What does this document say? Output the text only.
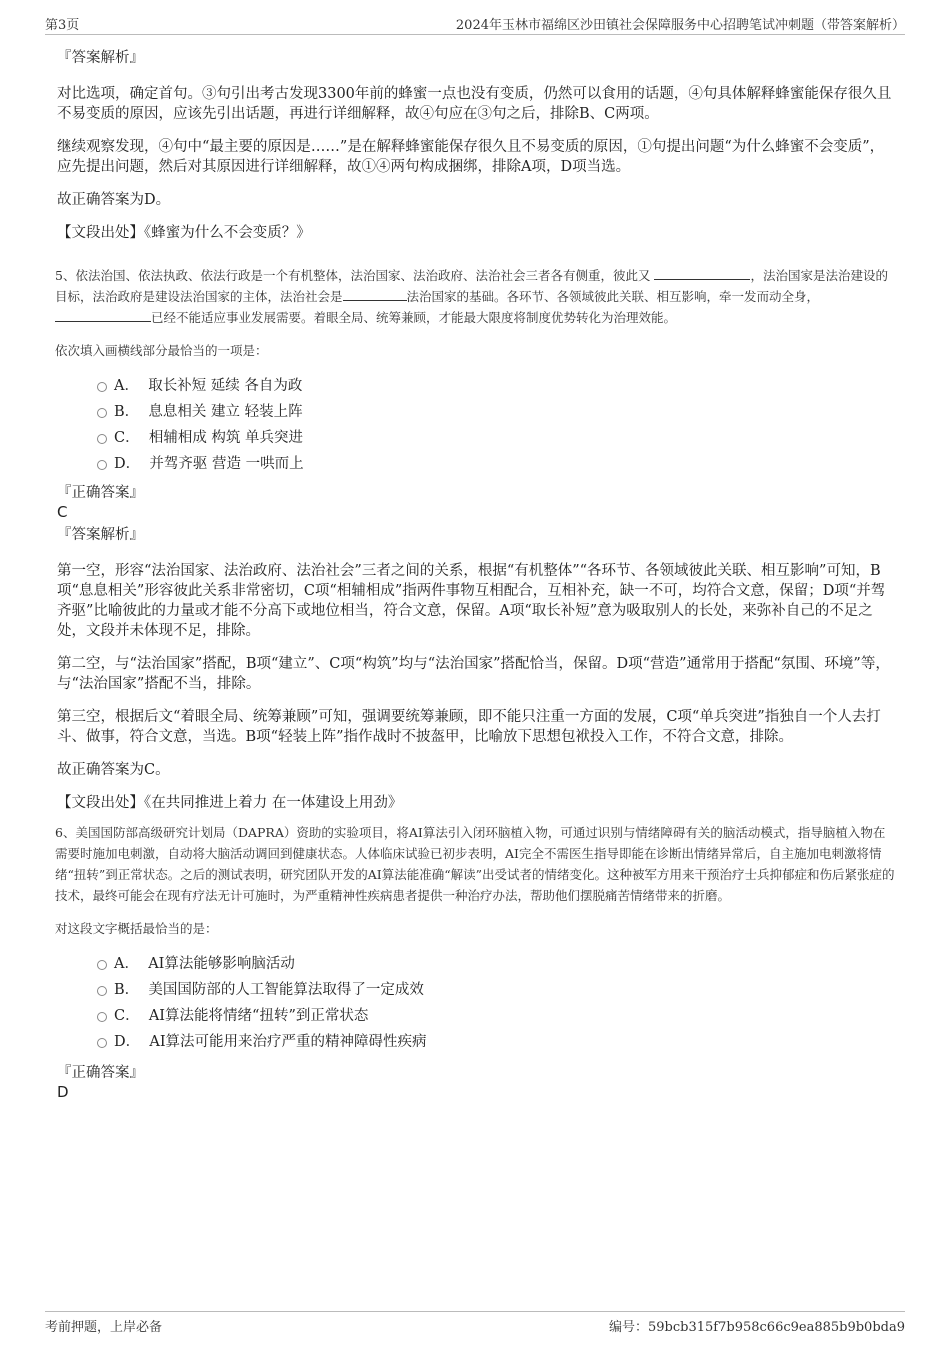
第3页	2024年玉林市福绵区沙田镇社会保障服务中心招聘笔试冲刺题（带答案解析）

『答案解析』

对比选项，确定首句。③句引出考古发现3300年前的蜂蜜一点也没有变质，仍然可以食用的话题，④句具体解释蜂蜜能保存很久且不易变质的原因，应该先引出话题，再进行详细解释，故④句应在③句之后，排除B、C两项。

继续观察发现，④句中“最主要的原因是……”是在解释蜂蜜能保存很久且不易变质的原因，①句提出问题“为什么蜂蜜不会变质”，应先提出问题，然后对其原因进行详细解释，故①④两句构成捆绑，排除A项，D项当选。

故正确答案为D。

【文段出处】《蜂蜜为什么不会变质？》

5、依法治国、依法执政、依法行政是一个有机整体，法治国家、法治政府、法治社会三者各有侧重，彼此又	，法治国家是法治建设的目标，法治政府是建设法治国家的主体，法治社会是	法治国家的基础。各环节、各领域彼此关联、相互影响，牵一发而动全身，已经不能适应事业发展需要。着眼全局、统筹兼顾，才能最大限度将制度优势转化为治理效能。

依次填入画横线部分最恰当的一项是：

A． 取长补短 延续 各自为政
B． 息息相关 建立 轻装上阵
C． 相辅相成 构筑 单兵突进
D． 并驾齐驱 营造 一哄而上

『正确答案』

C

『答案解析』

第一空，形容“法治国家、法治政府、法治社会”三者之间的关系，根据“有机整体”“各环节、各领域彼此关联、相互影响”可知，B项“息息相关”形容彼此关系非常密切，C项“相辅相成”指两件事物互相配合，互相补充，缺一不可，均符合文意，保留；D项“并驾齐驱”比喻彼此的力量或才能不分高下或地位相当，符合文意，保留。A项“取长补短”意为吸取别人的长处，来弥补自己的不足之处，文段并未体现不足，排除。

第二空，与“法治国家”搭配，B项“建立”、C项“构筑”均与“法治国家”搭配恰当，保留。D项“营造”通常用于搭配“氛围、环境”等，与“法治国家”搭配不当，排除。

第三空，根据后文“着眼全局、统筹兼顾”可知，强调要统筹兼顾，即不能只注重一方面的发展，C项“单兵突进”指独自一个人去打斗、做事，符合文意，当选。B项“轻装上阵”指作战时不披盔甲，比喻放下思想包袱投入工作，不符合文意，排除。

故正确答案为C。

【文段出处】《在共同推进上着力 在一体建设上用劲》

6、美国国防部高级研究计划局（DAPRA）资助的实验项目，将AI算法引入闭环脑植入物，可通过识别与情绪障碍有关的脑活动模式，指导脑植入物在需要时施加电刺激，自动将大脑活动调回到健康状态。人体临床试验已初步表明，AI完全不需医生指导即能在诊断出情绪异常后，自主施加电刺激将情绪“扭转”到正常状态。之后的测试表明，研究团队开发的AI算法能准确“解读”出受试者的情绪变化。这种被军方用来干预治疗士兵抑郁症和伤后紧张症的技术，最终可能会在现有疗法无计可施时，为严重精神性疾病患者提供一种治疗办法，帮助他们摆脱痛苦情绪带来的折磨。

对这段文字概括最恰当的是：

A． AI算法能够影响脑活动
B． 美国国防部的人工智能算法取得了一定成效
C． AI算法能将情绪“扭转”到正常状态
D． AI算法可能用来治疗严重的精神障碍性疾病

『正确答案』

D

考前押题，上岸必备	编号：59bcb315f7b958c66c9ea885b9b0bda9
